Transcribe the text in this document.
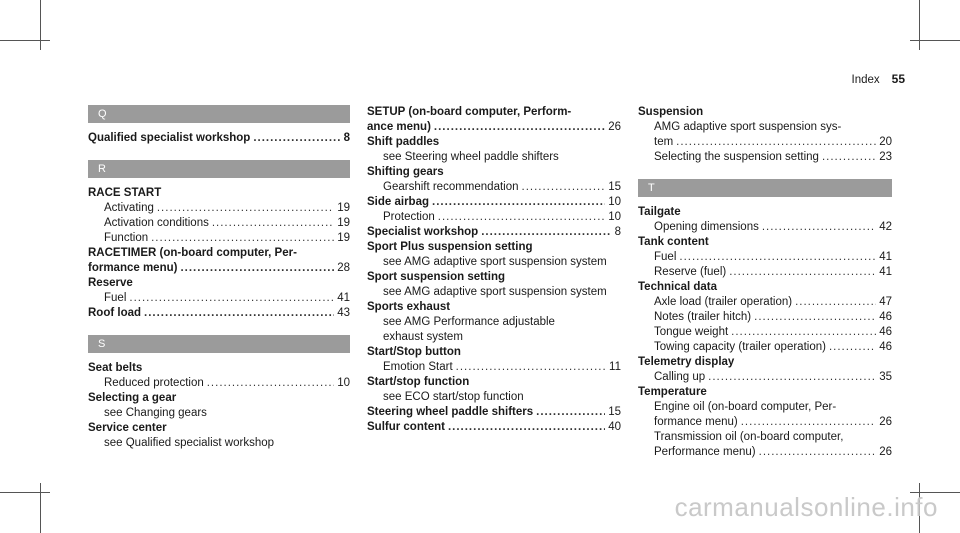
Index 55
Q
Qualified specialist workshop .....	8
R
RACE START
Activating .....	19
Activation conditions .....	19
Function .....	19
RACETIMER (on-board computer, Per-
formance menu) .....	28
Reserve
Fuel .....	41
Roof load .....	43
S
Seat belts
Reduced protection .....	10
Selecting a gear
see Changing gears
Service center
see Qualified specialist workshop
SETUP (on-board computer, Perform-
ance menu) .....	26
Shift paddles
see Steering wheel paddle shifters
Shifting gears
Gearshift recommendation .....	15
Side airbag .....	10
Protection .....	10
Specialist workshop .....	8
Sport Plus suspension setting
see AMG adaptive sport suspension system
Sport suspension setting
see AMG adaptive sport suspension system
Sports exhaust
see AMG Performance adjustable
exhaust system
Start/Stop button
Emotion Start .....	11
Start/stop function
see ECO start/stop function
Steering wheel paddle shifters .....	15
Sulfur content .....	40
Suspension
AMG adaptive sport suspension sys-
tem .....	20
Selecting the suspension setting .....	23
T
Tailgate
Opening dimensions .....	42
Tank content
Fuel .....	41
Reserve (fuel) .....	41
Technical data
Axle load (trailer operation) .....	47
Notes (trailer hitch) .....	46
Tongue weight .....	46
Towing capacity (trailer operation) .....	46
Telemetry display
Calling up .....	35
Temperature
Engine oil (on-board computer, Per-
formance menu) .....	26
Transmission oil (on-board computer,
Performance menu) .....	26
carmanualsonline.info
